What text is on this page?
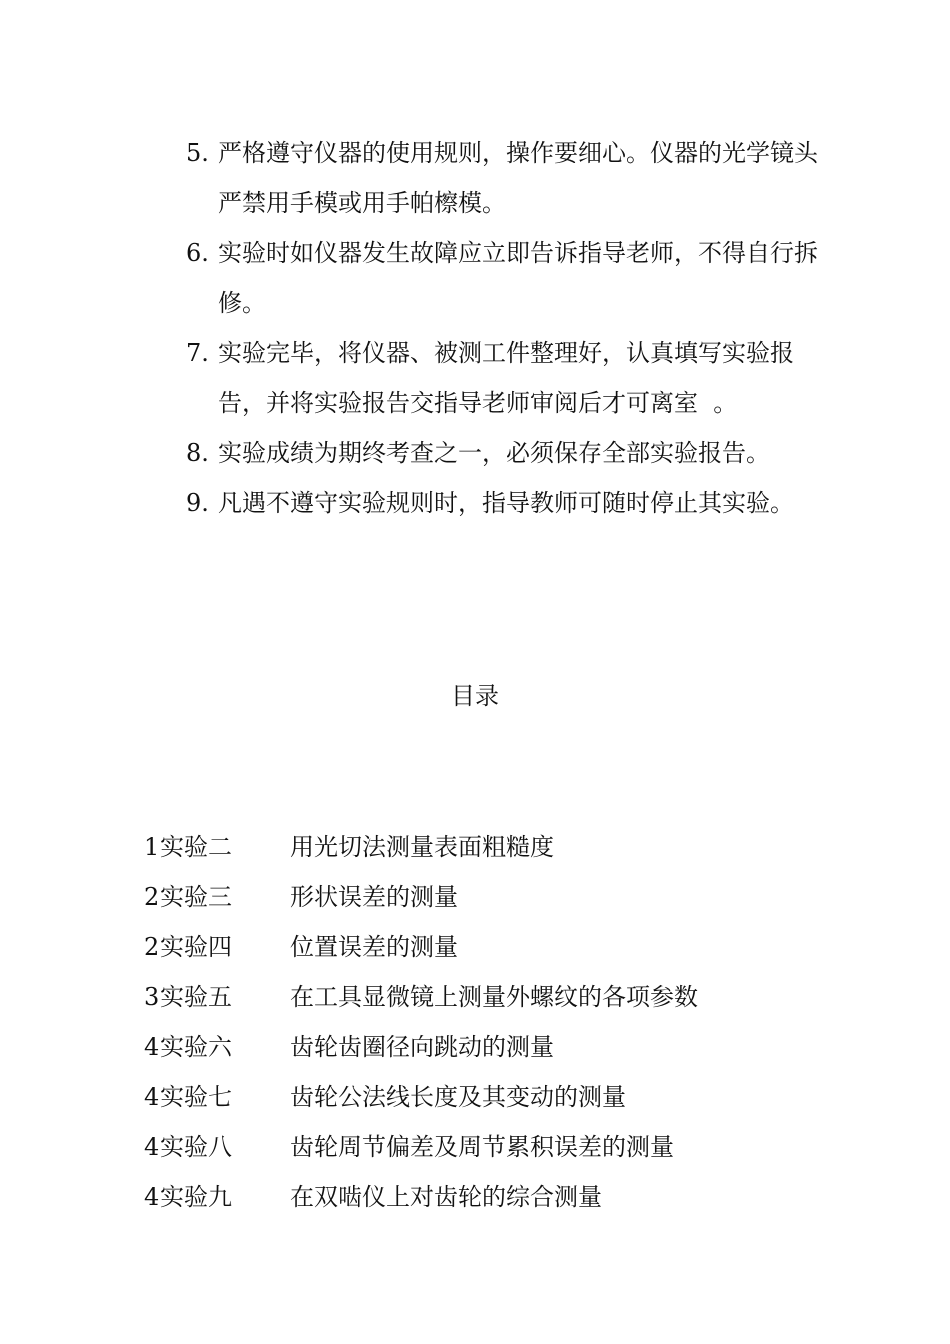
5. 严格遵守仪器的使用规则，操作要细心。仪器的光学镜头严禁用手模或用手帕檫模。
6. 实验时如仪器发生故障应立即告诉指导老师，不得自行拆修。
7. 实验完毕，将仪器、被测工件整理好，认真填写实验报告，并将实验报告交指导老师审阅后才可离室  。
8. 实验成绩为期终考查之一，必须保存全部实验报告。
9. 凡遇不遵守实验规则时，指导教师可随时停止其实验。
目录
1 实验二	用光切法测量表面粗糙度
2 实验三	形状误差的测量
2 实验四	位置误差的测量
3 实验五	在工具显微镜上测量外螺纹的各项参数
4 实验六	齿轮齿圈径向跳动的测量
4 实验七	齿轮公法线长度及其变动的测量
4 实验八	齿轮周节偏差及周节累积误差的测量
4 实验九	在双啮仪上对齿轮的综合测量
